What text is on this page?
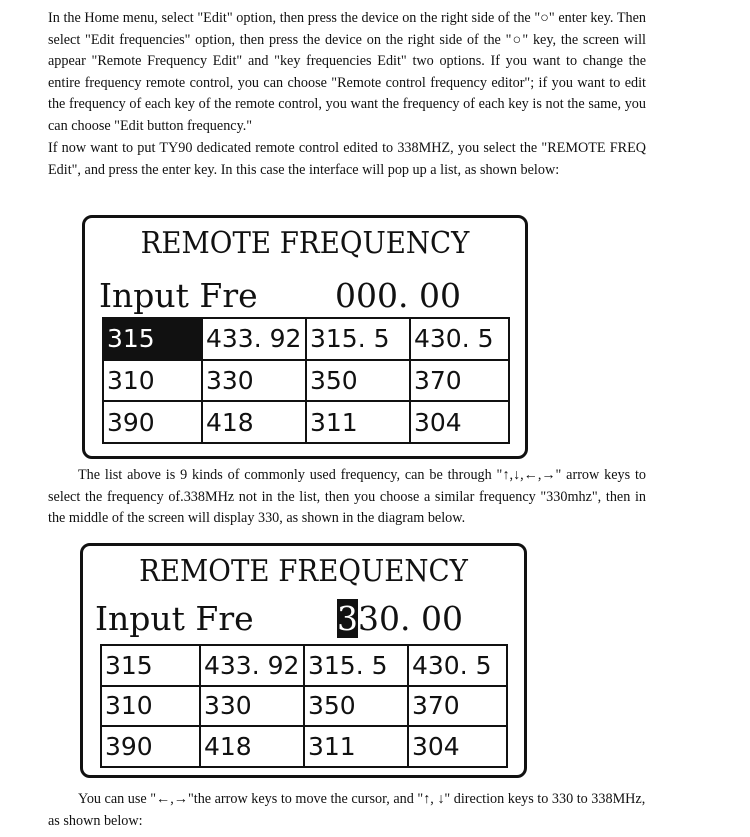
In the Home menu, select "Edit" option, then press the device on the right side of the "○" enter key. Then select "Edit frequencies" option, then press the device on the right side of the "○" key, the screen will appear "Remote Frequency Edit" and "key frequencies Edit" two options. If you want to change the entire frequency remote control, you can choose "Remote control frequency editor"; if you want to edit the frequency of each key of the remote control, you want the frequency of each key is not the same, you can choose "Edit button frequency."

If now want to put TY90 dedicated remote control edited to 338MHZ, you select the "REMOTE FREQ Edit", and press the enter key. In this case the interface will pop up a list, as shown below:

REMOTE FREQUENCY
Input Fre 000. 00
315	433. 92	315. 5	430. 5
310	330	350	370
390	418	311	304

The list above is 9 kinds of commonly used frequency, can be through "↑,↓,←,→" arrow keys to select the frequency of.338MHz not in the list, then you choose a similar frequency "330mhz", then in the middle of the screen will display 330, as shown in the diagram below.

REMOTE FREQUENCY
Input Fre	330. 00
315	433. 92	315. 5	430. 5
310	330	350	370
390	418	311	304

You can use "←,→"the arrow keys to move the cursor, and "↑, ↓" direction keys to 330 to 338MHz, as shown below:
